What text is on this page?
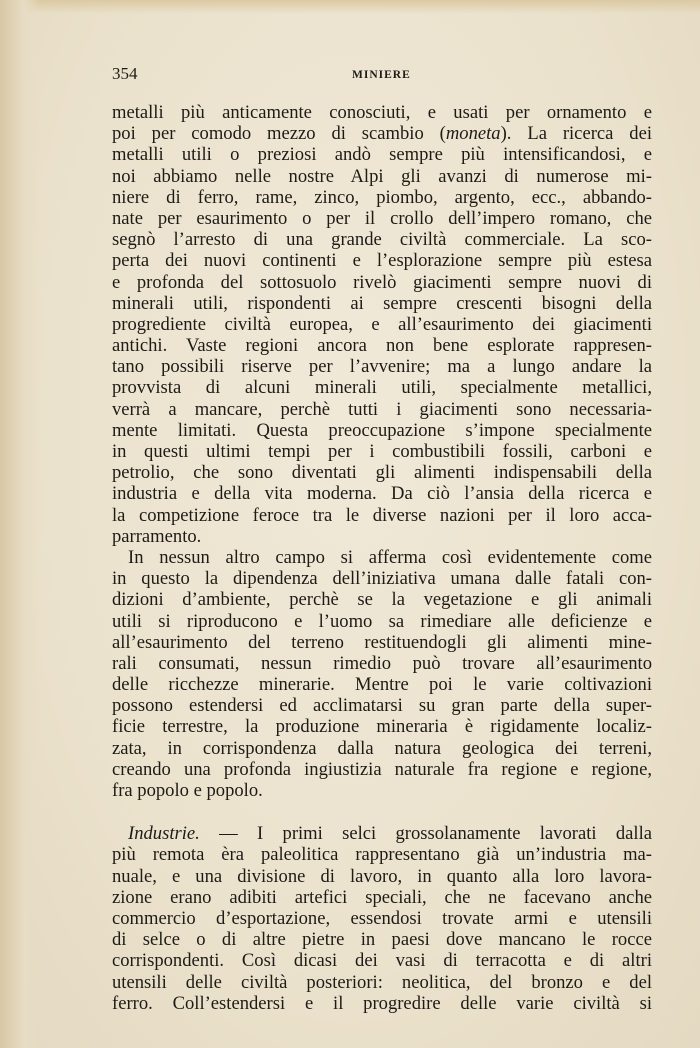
354	MINIERE
metalli più anticamente conosciuti, e usati per ornamento e
poi per comodo mezzo di scambio (moneta). La ricerca dei
metalli utili o preziosi andò sempre più intensificandosi, e
noi abbiamo nelle nostre Alpi gli avanzi di numerose mi-
niere di ferro, rame, zinco, piombo, argento, ecc., abbando-
nate per esaurimento o per il crollo dell’impero romano, che
segnò l’arresto di una grande civiltà commerciale. La sco-
perta dei nuovi continenti e l’esplorazione sempre più estesa
e profonda del sottosuolo rivelò giacimenti sempre nuovi di
minerali utili, rispondenti ai sempre crescenti bisogni della
progrediente civiltà europea, e all’esaurimento dei giacimenti
antichi. Vaste regioni ancora non bene esplorate rappresen-
tano possibili riserve per l’avvenire; ma a lungo andare la
provvista di alcuni minerali utili, specialmente metallici,
verrà a mancare, perchè tutti i giacimenti sono necessaria-
mente limitati. Questa preoccupazione s’impone specialmente
in questi ultimi tempi per i combustibili fossili, carboni e
petrolio, che sono diventati gli alimenti indispensabili della
industria e della vita moderna. Da ciò l’ansia della ricerca e
la competizione feroce tra le diverse nazioni per il loro acca-
parramento.
In nessun altro campo si afferma così evidentemente come
in questo la dipendenza dell’iniziativa umana dalle fatali con-
dizioni d’ambiente, perchè se la vegetazione e gli animali
utili si riproducono e l’uomo sa rimediare alle deficienze e
all’esaurimento del terreno restituendogli gli alimenti mine-
rali consumati, nessun rimedio può trovare all’esaurimento
delle ricchezze minerarie. Mentre poi le varie coltivazioni
possono estendersi ed acclimatarsi su gran parte della super-
ficie terrestre, la produzione mineraria è rigidamente localiz-
zata, in corrispondenza dalla natura geologica dei terreni,
creando una profonda ingiustizia naturale fra regione e regione,
fra popolo e popolo.
Industrie. — I primi selci grossolanamente lavorati dalla
più remota èra paleolitica rappresentano già un’industria ma-
nuale, e una divisione di lavoro, in quanto alla loro lavora-
zione erano adibiti artefici speciali, che ne facevano anche
commercio d’esportazione, essendosi trovate armi e utensili
di selce o di altre pietre in paesi dove mancano le rocce
corrispondenti. Così dicasi dei vasi di terracotta e di altri
utensili delle civiltà posteriori: neolitica, del bronzo e del
ferro. Coll’estendersi e il progredire delle varie civiltà si
